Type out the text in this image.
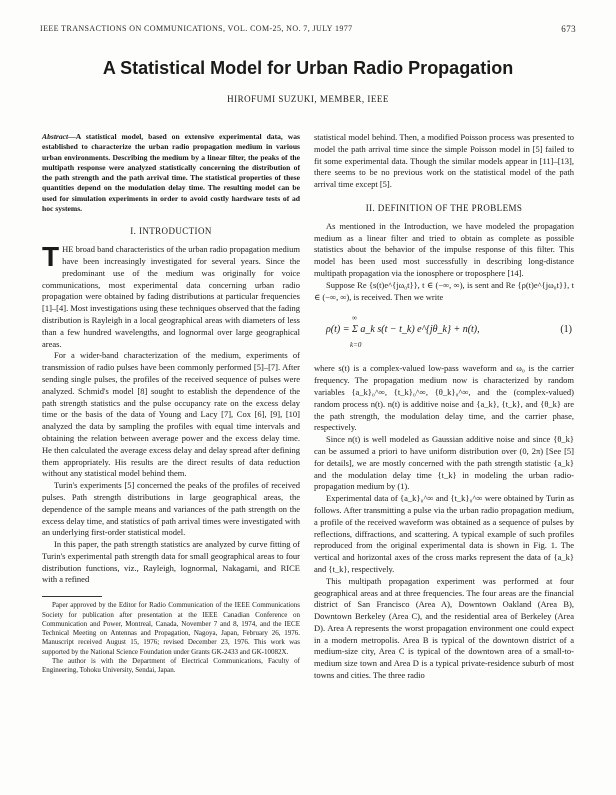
IEEE TRANSACTIONS ON COMMUNICATIONS, VOL. COM-25, NO. 7, JULY 1977	673
A Statistical Model for Urban Radio Propagation
HIROFUMI SUZUKI, MEMBER, IEEE
Abstract—A statistical model, based on extensive experimental data, was established to characterize the urban radio propagation medium in various urban environments. Describing the medium by a linear filter, the peaks of the multipath response were analyzed statistically concerning the distribution of the path strength and the path arrival time. The statistical properties of these quantities depend on the modulation delay time. The resulting model can be used for simulation experiments in order to avoid costly hardware tests of ad hoc systems.
I. INTRODUCTION

THE broad band characteristics of the urban radio propagation medium have been increasingly investigated for several years. Since the predominant use of the medium was originally for voice communications, most experimental data concerning urban radio propagation were obtained by fading distributions at particular frequencies [1]–[4]. Most investigations using these techniques observed that the fading distribution is Rayleigh in a local geographical areas with diameters of less than a few hundred wavelengths, and lognormal over large geographical areas.

For a wider-band characterization of the medium, experiments of transmission of radio pulses have been commonly performed [5]–[7]. After sending single pulses, the profiles of the received sequence of pulses were analyzed. Schmid's model [8] sought to establish the dependence of the path strength statistics and the pulse occupancy rate on the excess delay time or the basis of the data of Young and Lacy [7], Cox [6], [9], [10] analyzed the data by sampling the profiles with equal time intervals and obtaining the relation between average power and the excess delay time. He then calculated the average excess delay and delay spread after defining them appropriately. His results are the direct results of data reduction without any statistical model behind them.

Turin's experiments [5] concerned the peaks of the profiles of received pulses. Path strength distributions in large geographical areas, the dependence of the sample means and variances of the path strength on the excess delay time, and statistics of path arrival times were investigated with an underlying first-order statistical model.

In this paper, the path strength statistics are analyzed by curve fitting of Turin's experimental path strength data for small geographical areas to four distribution functions, viz., Rayleigh, lognormal, Nakagami, and RICE with a refined

Paper approved by the Editor for Radio Communication of the IEEE Communications Society for publication after presentation at the IEEE Canadian Conference on Communication and Power, Montreal, Canada, November 7 and 8, 1974, and the IECE Technical Meeting on Antennas and Propagation, Nagoya, Japan, February 26, 1976. Manuscript received August 15, 1976; revised December 23, 1976. This work was supported by the National Science Foundation under Grants GK-2433 and GK-10082X.
The author is with the Department of Electrical Communications, Faculty of Engineering, Tohoku University, Sendai, Japan.

statistical model behind. Then, a modified Poisson process was presented to model the path arrival time since the simple Poisson model in [5] failed to fit some experimental data. Though the similar models appear in [11]–[13], there seems to be no previous work on the statistical model of the path arrival time except [5].

II. DEFINITION OF THE PROBLEMS

As mentioned in the Introduction, we have modeled the propagation medium as a linear filter and tried to obtain as complete as possible statistics about the behavior of the impulse response of this filter. This model has been used most successfully in describing long-distance multipath propagation via the ionosphere or troposphere [14].

Suppose Re {s(t)e^{jω₀t}}, t ∈ (−∞, ∞), is sent and Re {ρ(t)e^{jω₀t}}, t ∈ (−∞, ∞), is received. Then we write

∞
ρ(t) = Σ a_k s(t − t_k) e^{jθ_k} + n(t),
k=0
(1)

where s(t) is a complex-valued low-pass waveform and ω₀ is the carrier frequency. The propagation medium now is characterized by random variables {a_k}₀^∞, {t_k}₀^∞, {θ_k}₀^∞, and the (complex-valued) random process n(t). n(t) is additive noise and {a_k}, {t_k}, and {θ_k} are the path strength, the modulation delay time, and the carrier phase, respectively.

Since n(t) is well modeled as Gaussian additive noise and since {θ_k} can be assumed a priori to have uniform distribution over (0, 2π) [See [5] for details], we are mostly concerned with the path strength statistic {a_k} and the modulation delay time {t_k} in modeling the urban radio-propagation medium by (1).

Experimental data of {a_k}₀^∞ and {t_k}₀^∞ were obtained by Turin as follows. After transmitting a pulse via the urban radio propagation medium, a profile of the received waveform was obtained as a sequence of pulses by reflections, diffractions, and scattering. A typical example of such profiles reproduced from the original experimental data is shown in Fig. 1. The vertical and horizontal axes of the cross marks represent the data of {a_k} and {t_k}, respectively.

This multipath propagation experiment was performed at four geographical areas and at three frequencies. The four areas are the financial district of San Francisco (Area A), Downtown Oakland (Area B), Downtown Berkeley (Area C), and the residential area of Berkeley (Area D). Area A represents the worst propagation environment one could expect in a modern metropolis. Area B is typical of the downtown district of a medium-size city, Area C is typical of the downtown area of a small-to-medium size town and Area D is a typical private-residence suburb of most towns and cities. The three radio
